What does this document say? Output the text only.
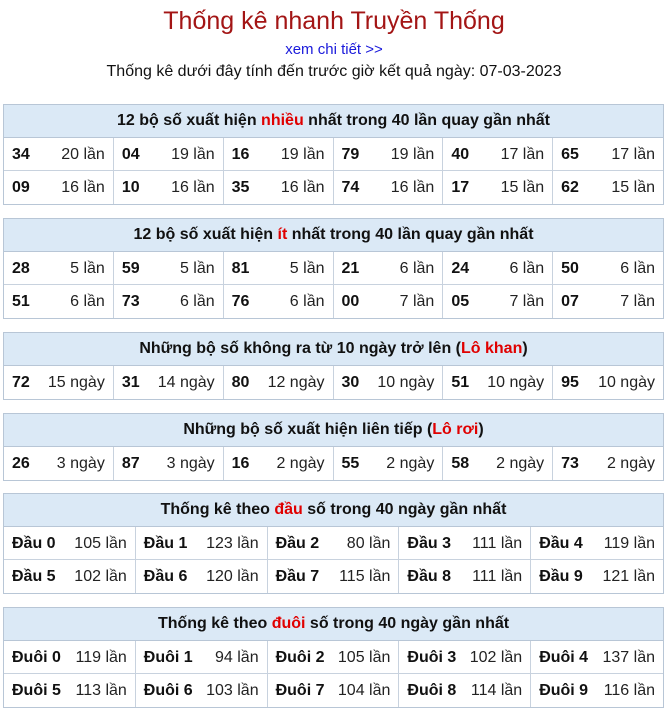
Thống kê nhanh Truyền Thống
xem chi tiết >>
Thống kê dưới đây tính đến trước giờ kết quả ngày: 07-03-2023
12 bộ số xuất hiện nhiều nhất trong 40 lần quay gần nhất
34 20 lần 04 19 lần 16 19 lần 79 19 lần 40 17 lần 65 17 lần
09 16 lần 10 16 lần 35 16 lần 74 16 lần 17 15 lần 62 15 lần
12 bộ số xuất hiện ít nhất trong 40 lần quay gần nhất
28	5 lần 59	5 lần 81	5 lần 21	6 lần 24	6 lần 50	6 lần
51	6 lần 73	6 lần 76	6 lần 00	7 lần 05	7 lần 07	7 lần
Những bộ số không ra từ 10 ngày trở lên (Lô khan)
72 15 ngày 31 14 ngày 80 12 ngày 30 10 ngày 51 10 ngày 95 10 ngày
Những bộ số xuất hiện liên tiếp (Lô rơi)
26 3 ngày 87 3 ngày 16 2 ngày 55 2 ngày 58 2 ngày 73 2 ngày
Thống kê theo đầu số trong 40 ngày gần nhất
Đầu 0 105 lần Đầu 1 123 lần Đầu 2 80 lần Đầu 3 111 lần Đầu 4 119 lần
Đầu 5 102 lần Đầu 6 120 lần Đầu 7 115 lần Đầu 8 111 lần Đầu 9 121 lần
Thống kê theo đuôi số trong 40 ngày gần nhất
Đuôi 0 119 lần Đuôi 1 94 lần Đuôi 2 105 lần Đuôi 3 102 lần Đuôi 4 137 lần
Đuôi 5 113 lần Đuôi 6 103 lần Đuôi 7 104 lần Đuôi 8 114 lần Đuôi 9 116 lần
